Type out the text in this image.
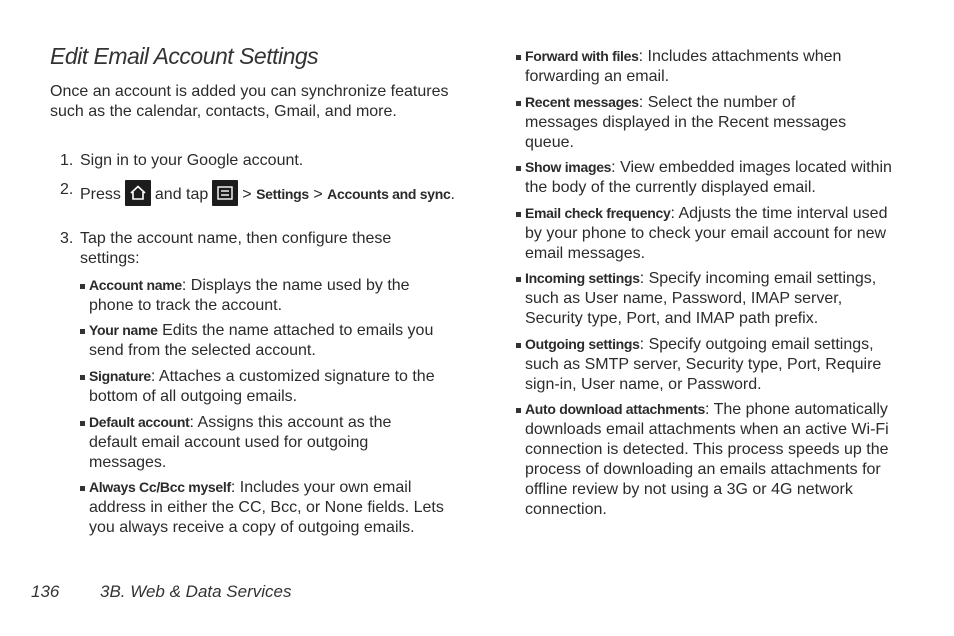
Edit Email Account Settings

Once an account is added you can synchronize features such as the calendar, contacts, Gmail, and more.

1. Sign in to your Google account.
2. Press and tap > Settings > Accounts and sync.
3. Tap the account name, then configure these settings:
Account name: Displays the name used by the phone to track the account.
Your name Edits the name attached to emails you send from the selected account.
Signature: Attaches a customized signature to the bottom of all outgoing emails.
Default account: Assigns this account as the default email account used for outgoing messages.
Always Cc/Bcc myself: Includes your own email address in either the CC, Bcc, or None fields. Lets you always receive a copy of outgoing emails.
Forward with files: Includes attachments when forwarding an email.
Recent messages: Select the number of messages displayed in the Recent messages queue.
Show images: View embedded images located within the body of the currently displayed email.
Email check frequency: Adjusts the time interval used by your phone to check your email account for new email messages.
Incoming settings: Specify incoming email settings, such as User name, Password, IMAP server, Security type, Port, and IMAP path prefix.
Outgoing settings: Specify outgoing email settings, such as SMTP server, Security type, Port, Require sign-in, User name, or Password.
Auto download attachments: The phone automatically downloads email attachments when an active Wi-Fi connection is detected. This process speeds up the process of downloading an emails attachments for offline review by not using a 3G or 4G network connection.
136 3B. Web & Data Services
